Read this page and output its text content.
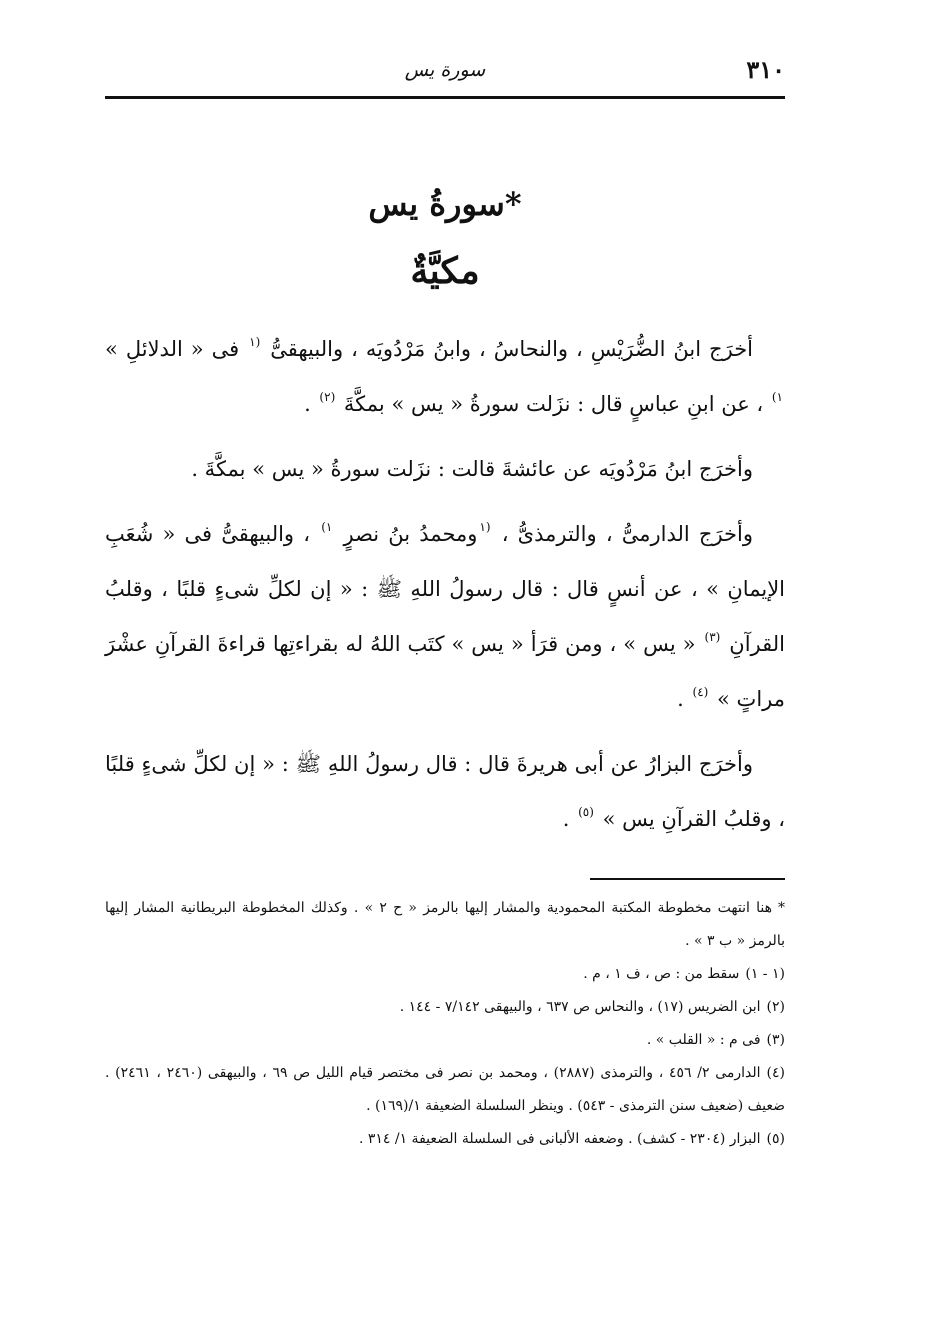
٣١٠
سورة يس
*سورةُ يس
مكيَّةٌ

أخرَج ابنُ الضُّرَيْسِ ، والنحاسُ ، وابنُ مَرْدُويَه ، والبيهقىُّ $^{(١}$ فى « الدلائلِ » $^{١)}$ ، عن ابنِ عباسٍ قال : نزَلت سورةُ « يس » بمكَّةَ $^{(٢)}$ .

وأخرَج ابنُ مَرْدُويَه عن عائشةَ قالت : نزَلت سورةُ « يس » بمكَّةَ .

وأخرَج الدارمىُّ ، والترمذىُّ ، $^{(١}$ومحمدُ بنُ نصرٍ $^{١)}$ ، والبيهقىُّ فى « شُعَبِ الإيمانِ » ، عن أنسٍ قال : قال رسولُ اللهِ ﷺ : « إن لكلِّ شىءٍ قلبًا ، وقلبُ القرآنِ $^{(٣)}$ « يس » ، ومن قرَأ « يس » كتَب اللهُ له بقراءتِها قراءةَ القرآنِ عشْرَ مراتٍ » $^{(٤)}$ .

وأخرَج البزارُ عن أبى هريرةَ قال : قال رسولُ اللهِ ﷺ : « إن لكلِّ شىءٍ قلبًا ، وقلبُ القرآنِ يس » $^{(٥)}$ .

*هنا انتهت مخطوطة المكتبة المحمودية والمشار إليها بالرمز « ح ٢ » . وكذلك المخطوطة البريطانية المشار إليها بالرمز « ب ٣ » .

(١ - ١)سقط من : ص ، ف ١ ، م .

(٢)ابن الضريس (١٧) ، والنحاس ص ٦٣٧ ، والبيهقى ٧/١٤٢ - ١٤٤ .

(٣)فى م : « القلب » .

(٤)الدارمى ٢/ ٤٥٦ ، والترمذى (٢٨٨٧) ، ومحمد بن نصر فى مختصر قيام الليل ص ٦٩ ، والبيهقى (٢٤٦٠ ، ٢٤٦١) . ضعيف (ضعيف سنن الترمذى - ٥٤٣) . وينظر السلسلة الضعيفة ١/(١٦٩) .

(٥)البزار (٢٣٠٤ - كشف) . وضعفه الألبانى فى السلسلة الضعيفة ١/ ٣١٤ .
